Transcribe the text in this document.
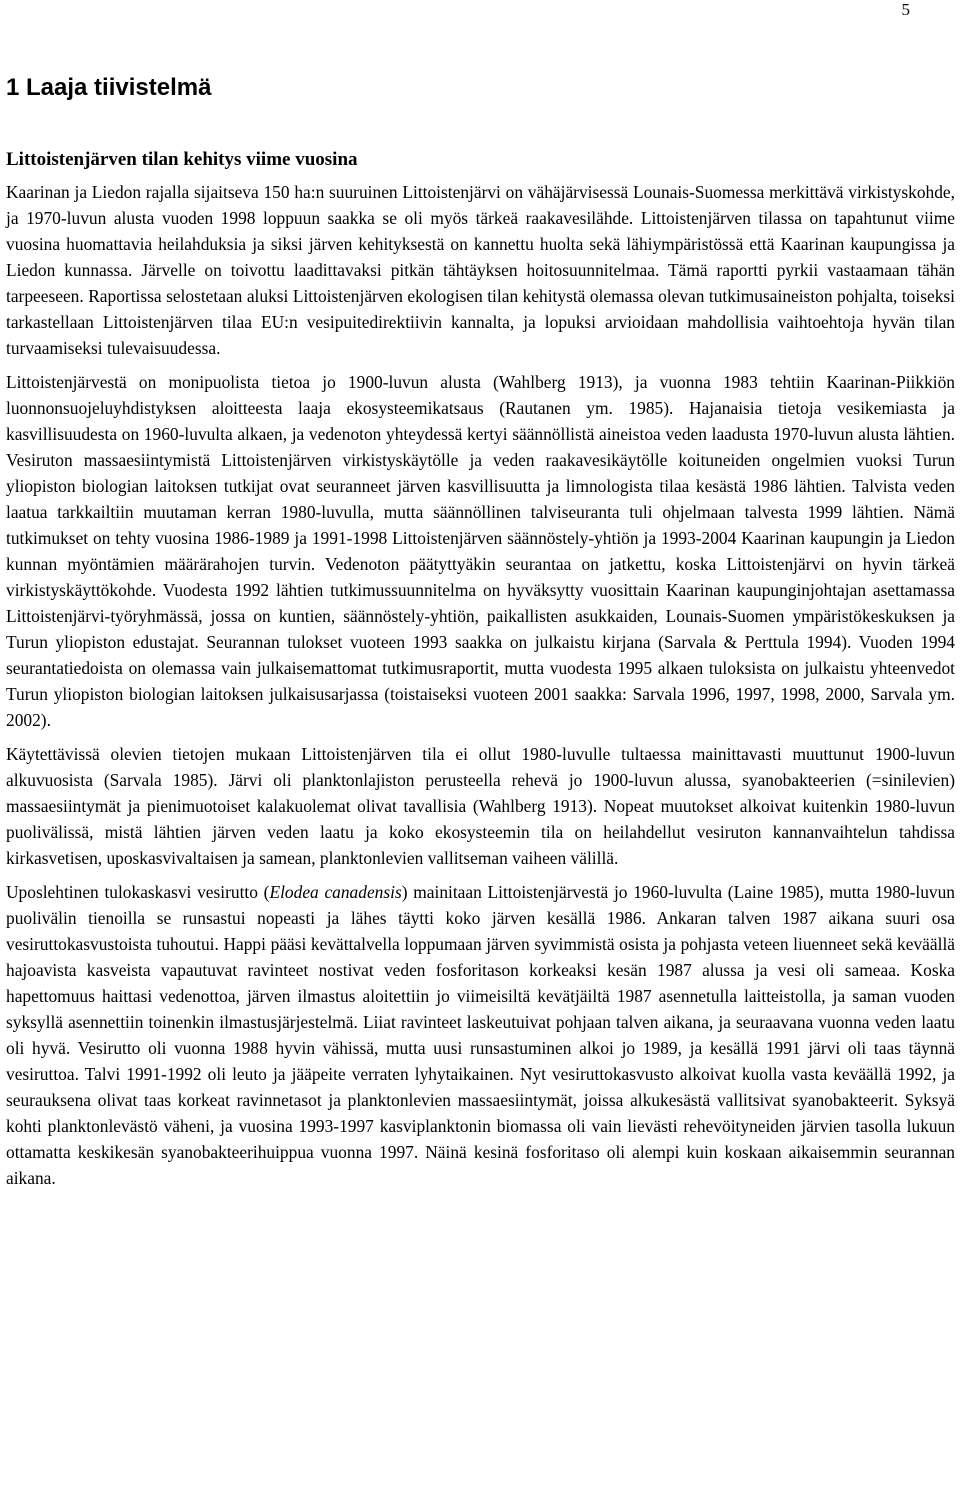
5
1 Laaja tiivistelmä
Littoistenjärven tilan kehitys viime vuosina

Kaarinan ja Liedon rajalla sijaitseva 150 ha:n suuruinen Littoistenjärvi on vähäjärvisessä Lounais-Suomessa merkittävä virkistyskohde, ja 1970-luvun alusta vuoden 1998 loppuun saakka se oli myös tärkeä raakavesilähde. Littoistenjärven tilassa on tapahtunut viime vuosina huomattavia heilahduksia ja siksi järven kehityksestä on kannettu huolta sekä lähiympäristössä että Kaarinan kaupungissa ja Liedon kunnassa. Järvelle on toivottu laadittavaksi pitkän tähtäyksen hoitosuunnitelmaa. Tämä raportti pyrkii vastaamaan tähän tarpeeseen. Raportissa selostetaan aluksi Littoistenjärven ekologisen tilan kehitystä olemassa olevan tutkimusaineiston pohjalta, toiseksi tarkastellaan Littoistenjärven tilaa EU:n vesipuitedirektiivin kannalta, ja lopuksi arvioidaan mahdollisia vaihtoehtoja hyvän tilan turvaamiseksi tulevaisuudessa.

Littoistenjärvestä on monipuolista tietoa jo 1900-luvun alusta (Wahlberg 1913), ja vuonna 1983 tehtiin Kaarinan-Piikkiön luonnonsuojeluyhdistyksen aloitteesta laaja ekosysteemikatsaus (Rautanen ym. 1985). Hajanaisia tietoja vesikemiasta ja kasvillisuudesta on 1960-luvulta alkaen, ja vedenoton yhteydessä kertyi säännöllistä aineistoa veden laadusta 1970-luvun alusta lähtien. Vesiruton massaesiintymistä Littoistenjärven virkistyskäytölle ja veden raakavesikäytölle koituneiden ongelmien vuoksi Turun yliopiston biologian laitoksen tutkijat ovat seuranneet järven kasvillisuutta ja limnologista tilaa kesästä 1986 lähtien. Talvista veden laatua tarkkailtiin muutaman kerran 1980-luvulla, mutta säännöllinen talviseuranta tuli ohjelmaan talvesta 1999 lähtien. Nämä tutkimukset on tehty vuosina 1986-1989 ja 1991-1998 Littoistenjärven säännöstely-yhtiön ja 1993-2004 Kaarinan kaupungin ja Liedon kunnan myöntämien määrärahojen turvin. Vedenoton päätyttyäkin seurantaa on jatkettu, koska Littoistenjärvi on hyvin tärkeä virkistyskäyttökohde. Vuodesta 1992 lähtien tutkimussuunnitelma on hyväksytty vuosittain Kaarinan kaupunginjohtajan asettamassa Littoistenjärvi-työryhmässä, jossa on kuntien, säännöstely-yhtiön, paikallisten asukkaiden, Lounais-Suomen ympäristökeskuksen ja Turun yliopiston edustajat. Seurannan tulokset vuoteen 1993 saakka on julkaistu kirjana (Sarvala & Perttula 1994). Vuoden 1994 seurantatiedoista on olemassa vain julkaisemattomat tutkimusraportit, mutta vuodesta 1995 alkaen tuloksista on julkaistu yhteenvedot Turun yliopiston biologian laitoksen julkaisusarjassa (toistaiseksi vuoteen 2001 saakka: Sarvala 1996, 1997, 1998, 2000, Sarvala ym. 2002).

Käytettävissä olevien tietojen mukaan Littoistenjärven tila ei ollut 1980-luvulle tultaessa mainittavasti muuttunut 1900-luvun alkuvuosista (Sarvala 1985). Järvi oli planktonlajiston perusteella rehevä jo 1900-luvun alussa, syanobakteerien (=sinilevien) massaesiintymät ja pienimuotoiset kalakuolemat olivat tavallisia (Wahlberg 1913). Nopeat muutokset alkoivat kuitenkin 1980-luvun puolivälissä, mistä lähtien järven veden laatu ja koko ekosysteemin tila on heilahdellut vesiruton kannanvaihtelun tahdissa kirkasvetisen, uposkasvivaltaisen ja samean, planktonlevien vallitseman vaiheen välillä.

Uposlehtinen tulokaskasvi vesirutto (Elodea canadensis) mainitaan Littoistenjärvestä jo 1960-luvulta (Laine 1985), mutta 1980-luvun puolivälin tienoilla se runsastui nopeasti ja lähes täytti koko järven kesällä 1986. Ankaran talven 1987 aikana suuri osa vesiruttokasvustoista tuhoutui. Happi pääsi kevättalvella loppumaan järven syvimmistä osista ja pohjasta veteen liuenneet sekä keväällä hajoavista kasveista vapautuvat ravinteet nostivat veden fosforitason korkeaksi kesän 1987 alussa ja vesi oli sameaa. Koska hapettomuus haittasi vedenottoa, järven ilmastus aloitettiin jo viimeisiltä kevätjäiltä 1987 asennetulla laitteistolla, ja saman vuoden syksyllä asennettiin toinenkin ilmastusjärjestelmä. Liiat ravinteet laskeutuivat pohjaan talven aikana, ja seuraavana vuonna veden laatu oli hyvä. Vesirutto oli vuonna 1988 hyvin vähissä, mutta uusi runsastuminen alkoi jo 1989, ja kesällä 1991 järvi oli taas täynnä vesiruttoa. Talvi 1991-1992 oli leuto ja jääpeite verraten lyhytaikainen. Nyt vesiruttokasvusto alkoivat kuolla vasta keväällä 1992, ja seurauksena olivat taas korkeat ravinnetasot ja planktonlevien massaesiintymät, joissa alkukesästä vallitsivat syanobakteerit. Syksyä kohti planktonlevästö väheni, ja vuosina 1993-1997 kasviplanktonin biomassa oli vain lievästi rehevöityneiden järvien tasolla lukuun ottamatta keskikesän syanobakteerihuippua vuonna 1997. Näinä kesinä fosforitaso oli alempi kuin koskaan aikaisemmin seurannan aikana.
